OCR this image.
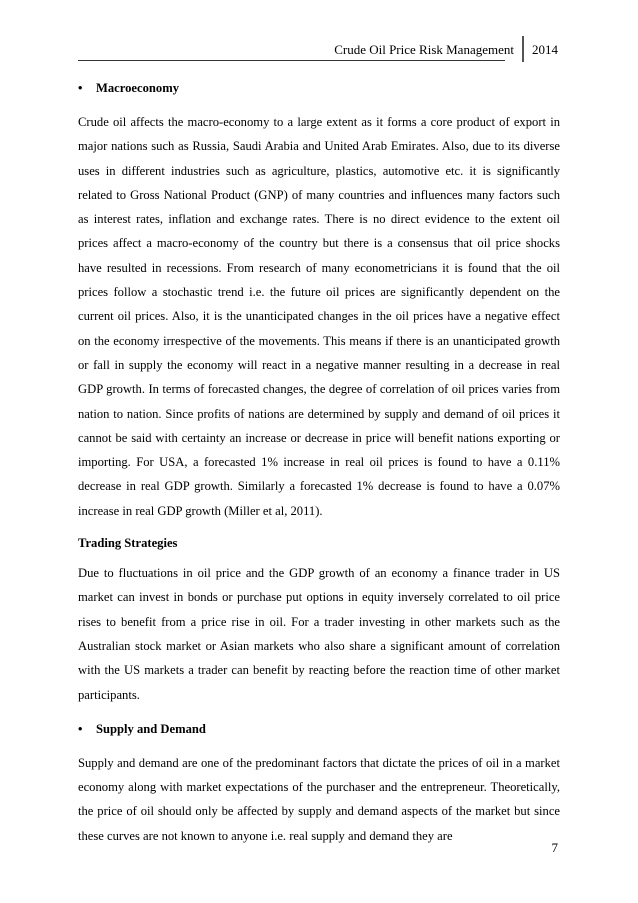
Crude Oil Price Risk Management	2014
• Macroeconomy

Crude oil affects the macro-economy to a large extent as it forms a core product of export in major nations such as Russia, Saudi Arabia and United Arab Emirates. Also, due to its diverse uses in different industries such as agriculture, plastics, automotive etc. it is significantly related to Gross National Product (GNP) of many countries and influences many factors such as interest rates, inflation and exchange rates. There is no direct evidence to the extent oil prices affect a macro-economy of the country but there is a consensus that oil price shocks have resulted in recessions. From research of many econometricians it is found that the oil prices follow a stochastic trend i.e. the future oil prices are significantly dependent on the current oil prices. Also, it is the unanticipated changes in the oil prices have a negative effect on the economy irrespective of the movements. This means if there is an unanticipated growth or fall in supply the economy will react in a negative manner resulting in a decrease in real GDP growth. In terms of forecasted changes, the degree of correlation of oil prices varies from nation to nation. Since profits of nations are determined by supply and demand of oil prices it cannot be said with certainty an increase or decrease in price will benefit nations exporting or importing. For USA, a forecasted 1% increase in real oil prices is found to have a 0.11% decrease in real GDP growth. Similarly a forecasted 1% decrease is found to have a 0.07% increase in real GDP growth (Miller et al, 2011).

Trading Strategies

Due to fluctuations in oil price and the GDP growth of an economy a finance trader in US market can invest in bonds or purchase put options in equity inversely correlated to oil price rises to benefit from a price rise in oil. For a trader investing in other markets such as the Australian stock market or Asian markets who also share a significant amount of correlation with the US markets a trader can benefit by reacting before the reaction time of other market participants.

• Supply and Demand

Supply and demand are one of the predominant factors that dictate the prices of oil in a market economy along with market expectations of the purchaser and the entrepreneur. Theoretically, the price of oil should only be affected by supply and demand aspects of the market but since these curves are not known to anyone i.e. real supply and demand they are

7
